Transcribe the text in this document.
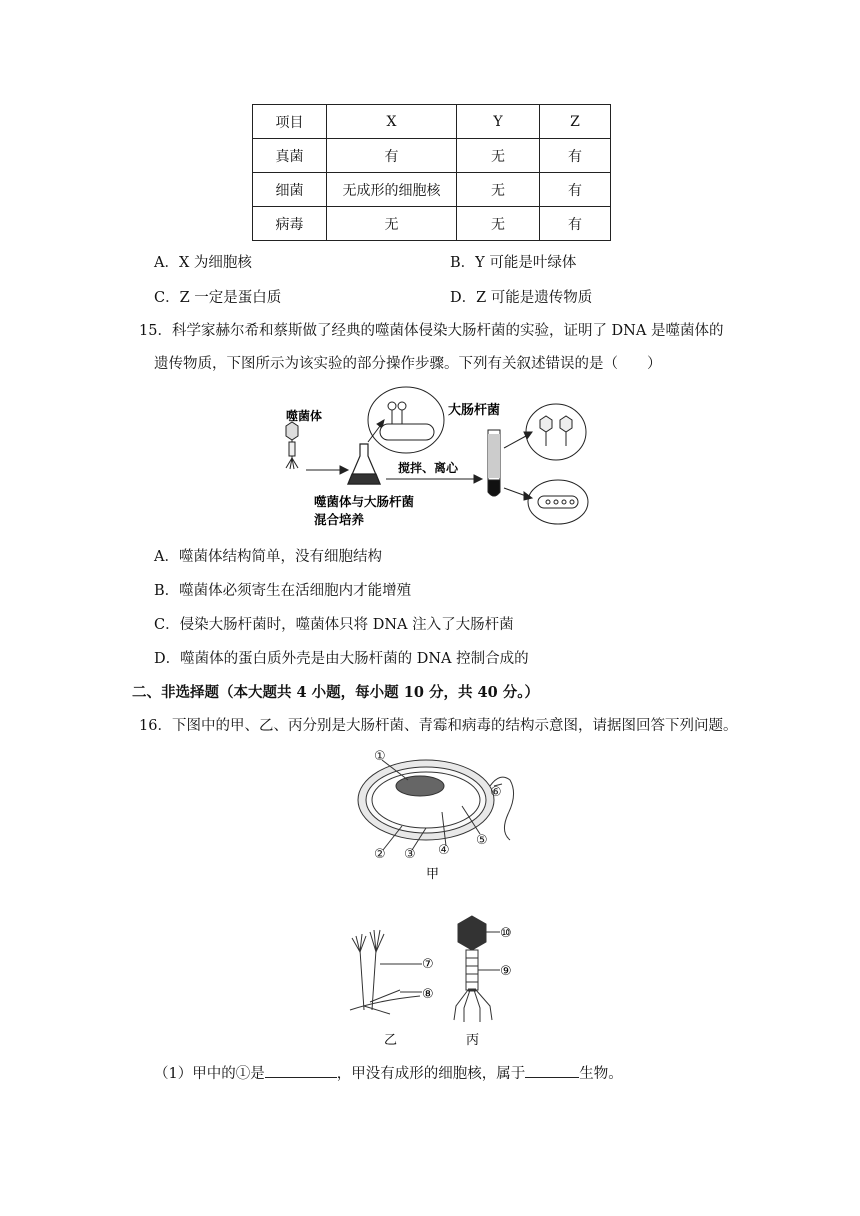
项目	X	Y	Z
真菌	有	无	有
细菌	无成形的细胞核	无	有
病毒	无	无	有
A．X 为细胞核	B．Y 可能是叶绿体
C．Z 一定是蛋白质	D．Z 可能是遗传物质
15．科学家赫尔希和蔡斯做了经典的噬菌体侵染大肠杆菌的实验，证明了 DNA 是噬菌体的
遗传物质，下图所示为该实验的部分操作步骤。下列有关叙述错误的是（　　）
噬菌体	大肠杆菌
搅拌、离心
噬菌体与大肠杆菌
混合培养
A．噬菌体结构简单，没有细胞结构
B．噬菌体必须寄生在活细胞内才能增殖
C．侵染大肠杆菌时，噬菌体只将 DNA 注入了大肠杆菌
D．噬菌体的蛋白质外壳是由大肠杆菌的 DNA 控制合成的
二、非选择题（本大题共 4 小题，每小题 10 分，共 40 分。）
16．下图中的甲、乙、丙分别是大肠杆菌、青霉和病毒的结构示意图，请据图回答下列问题。
①
② ③ ④
⑤
⑥
甲
⑦
⑧
乙
⑩
⑨
丙
（1）甲中的①是	，甲没有成形的细胞核，属于	生物。
